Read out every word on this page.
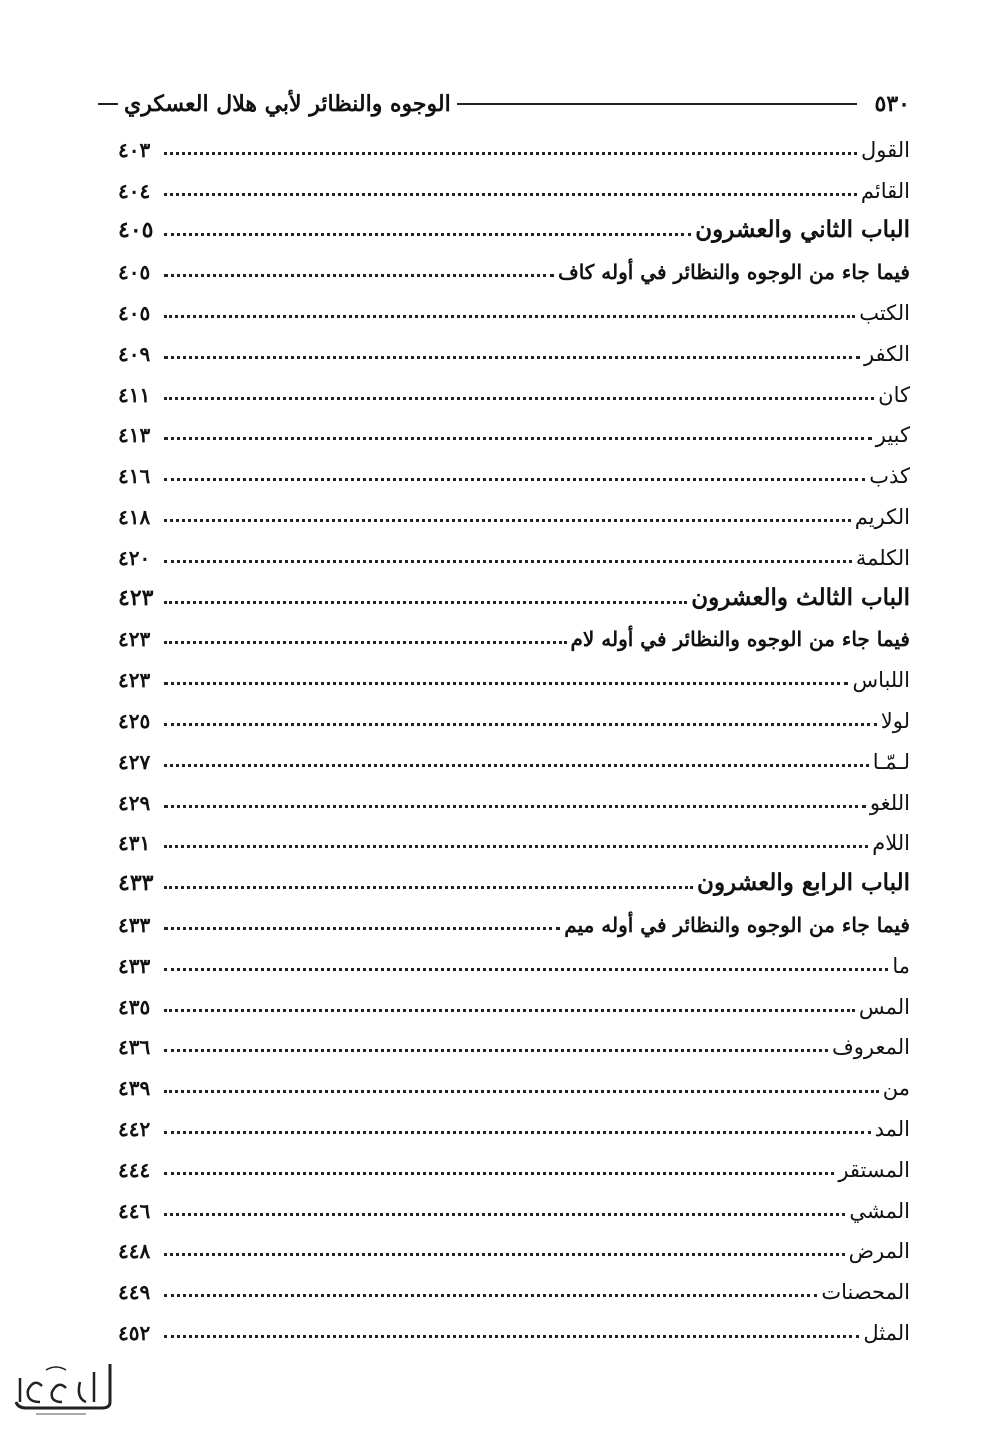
٥٣٠
الوجوه والنظائر لأبي هلال العسكري
القول
٤٠٣
القائم
٤٠٤
الباب الثاني والعشرون
٤٠٥
فيما جاء من الوجوه والنظائر في أوله كاف
٤٠٥
الكتب
٤٠٥
الكفر
٤٠٩
كان
٤١١
كبير
٤١٣
كذب
٤١٦
الكريم
٤١٨
الكلمة
٤٢٠
الباب الثالث والعشرون
٤٢٣
فيما جاء من الوجوه والنظائر في أوله لام
٤٢٣
اللباس
٤٢٣
لولا
٤٢٥
لـمّـا
٤٢٧
اللغو
٤٢٩
اللام
٤٣١
الباب الرابع والعشرون
٤٣٣
فيما جاء من الوجوه والنظائر في أوله ميم
٤٣٣
ما
٤٣٣
المس
٤٣٥
المعروف
٤٣٦
من
٤٣٩
المد
٤٤٢
المستقر
٤٤٤
المشي
٤٤٦
المرض
٤٤٨
المحصنات
٤٤٩
المثل
٤٥٢
